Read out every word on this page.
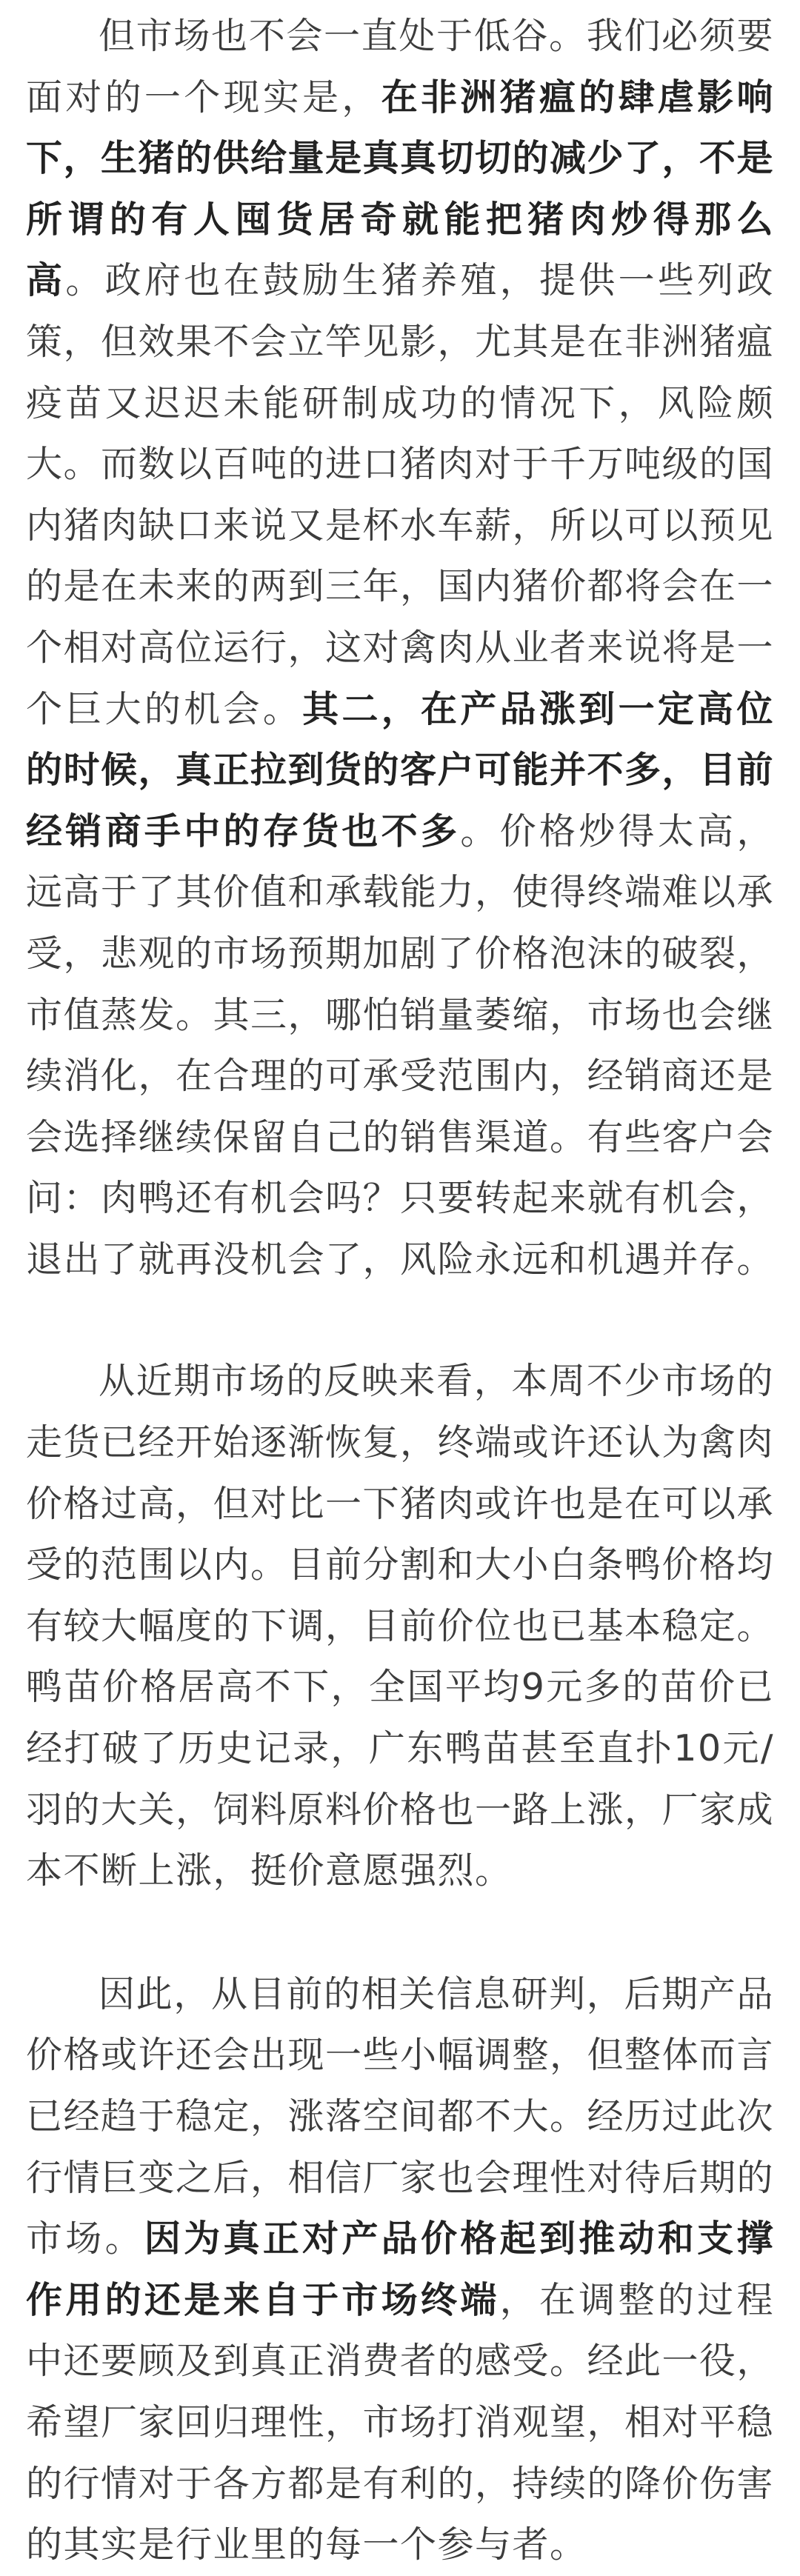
但市场也不会一直处于低谷。我们必须要面对的一个现实是，在非洲猪瘟的肆虐影响下，生猪的供给量是真真切切的减少了，不是所谓的有人囤货居奇就能把猪肉炒得那么高。政府也在鼓励生猪养殖，提供一些列政策，但效果不会立竿见影，尤其是在非洲猪瘟疫苗又迟迟未能研制成功的情况下，风险颇大。而数以百吨的进口猪肉对于千万吨级的国内猪肉缺口来说又是杯水车薪，所以可以预见的是在未来的两到三年，国内猪价都将会在一个相对高位运行，这对禽肉从业者来说将是一个巨大的机会。其二，在产品涨到一定高位的时候，真正拉到货的客户可能并不多，目前经销商手中的存货也不多。价格炒得太高，远高于了其价值和承载能力，使得终端难以承受，悲观的市场预期加剧了价格泡沫的破裂，市值蒸发。其三，哪怕销量萎缩，市场也会继续消化，在合理的可承受范围内，经销商还是会选择继续保留自己的销售渠道。有些客户会问：肉鸭还有机会吗？只要转起来就有机会，退出了就再没机会了，风险永远和机遇并存。

从近期市场的反映来看，本周不少市场的走货已经开始逐渐恢复，终端或许还认为禽肉价格过高，但对比一下猪肉或许也是在可以承受的范围以内。目前分割和大小白条鸭价格均有较大幅度的下调，目前价位也已基本稳定。鸭苗价格居高不下，全国平均9元多的苗价已经打破了历史记录，广东鸭苗甚至直扑10元/羽的大关，饲料原料价格也一路上涨，厂家成本不断上涨，挺价意愿强烈。

因此，从目前的相关信息研判，后期产品价格或许还会出现一些小幅调整，但整体而言已经趋于稳定，涨落空间都不大。经历过此次行情巨变之后，相信厂家也会理性对待后期的市场。因为真正对产品价格起到推动和支撑作用的还是来自于市场终端，在调整的过程中还要顾及到真正消费者的感受。经此一役，希望厂家回归理性，市场打消观望，相对平稳的行情对于各方都是有利的，持续的降价伤害的其实是行业里的每一个参与者。
